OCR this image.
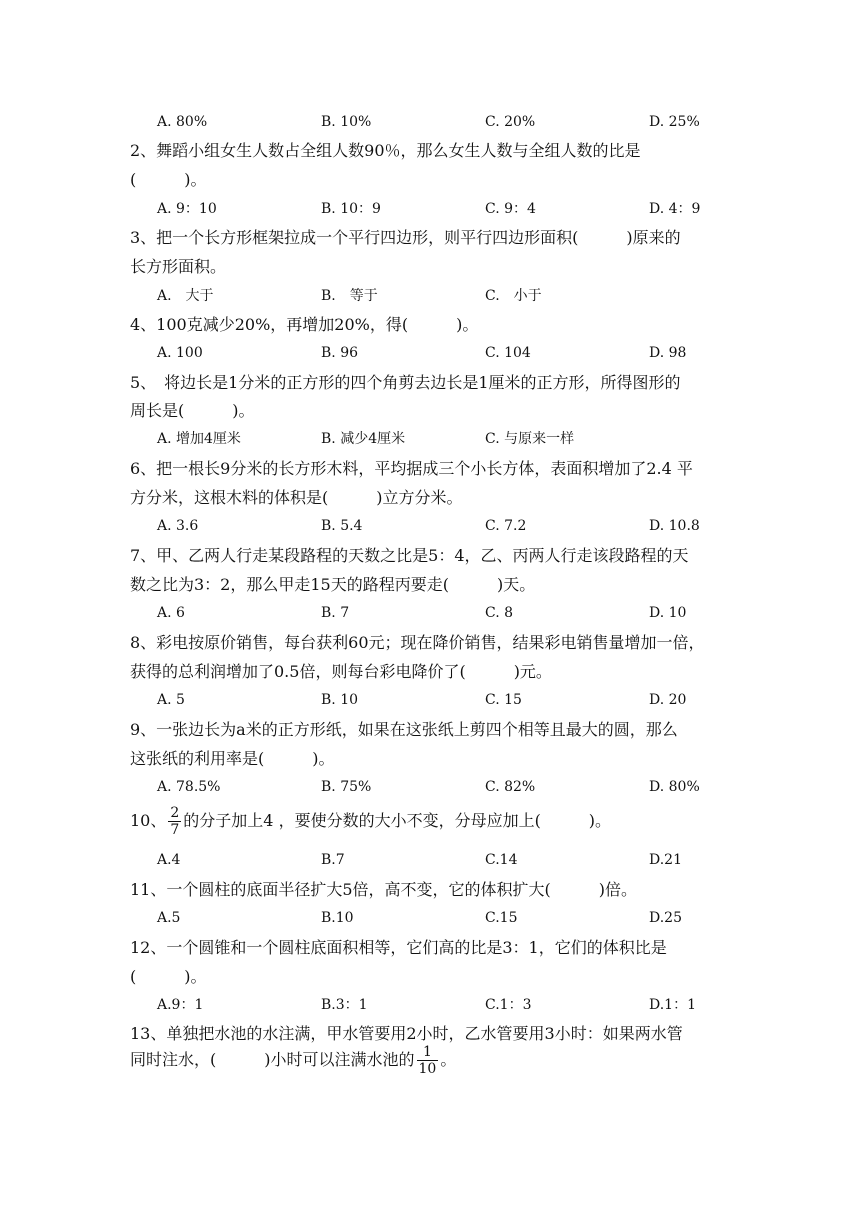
A. 80%	B. 10%	C. 20%	D. 25%
2、舞蹈小组女生人数占全组人数90％，那么女生人数与全组人数的比是
(　　　)。
A. 9：10	B. 10：9	C. 9：4	D. 4：9
3、把一个长方形框架拉成一个平行四边形，则平行四边形面积(　　　)原来的
长方形面积。
A.　大于	B.　等于	C.　小于
4、100克减少20%，再增加20%，得(　　　)。
A. 100	B. 96	C. 104	D. 98
5、　将边长是1分米的正方形的四个角剪去边长是1厘米的正方形，所得图形的
周长是(　　　)。
A. 增加4厘米	B. 减少4厘米	C. 与原来一样
6、把一根长9分米的长方形木料，平均据成三个小长方体，表面积增加了2.4 平
方分米，这根木料的体积是(　　　)立方分米。
A. 3.6	B. 5.4	C. 7.2	D. 10.8
7、甲、乙两人行走某段路程的天数之比是5：4，乙、丙两人行走该段路程的天
数之比为3：2，那么甲走15天的路程丙要走(　　　)天。
A. 6	B. 7	C. 8	D. 10
8、彩电按原价销售，每台获利60元；现在降价销售，结果彩电销售量增加一倍，
获得的总利润增加了0.5倍，则每台彩电降价了(　　　)元。
A. 5	B. 10	C. 15	D. 20
9、一张边长为a米的正方形纸，如果在这张纸上剪四个相等且最大的圆，那么
这张纸的利用率是(　　　)。
A. 78.5%	B. 75%	C. 82%	D. 80%
10、 $\frac{2}{7}$ 的分子加上4 ，要使分数的大小不变，分母应加上(　　　)。
A.4	B.7	C.14	D.21
11、一个圆柱的底面半径扩大5倍，高不变，它的体积扩大(　　　)倍。
A.5	B.10	C.15	D.25
12、一个圆锥和一个圆柱底面积相等，它们高的比是3：1，它们的体积比是
(　　　)。
A.9：1	B.3：1	C.1：3	D.1：1
13、单独把水池的水注满，甲水管要用2小时，乙水管要用3小时：如果两水管
同时注水，(　　　)小时可以注满水池的 $\frac{1}{10}$ 。
